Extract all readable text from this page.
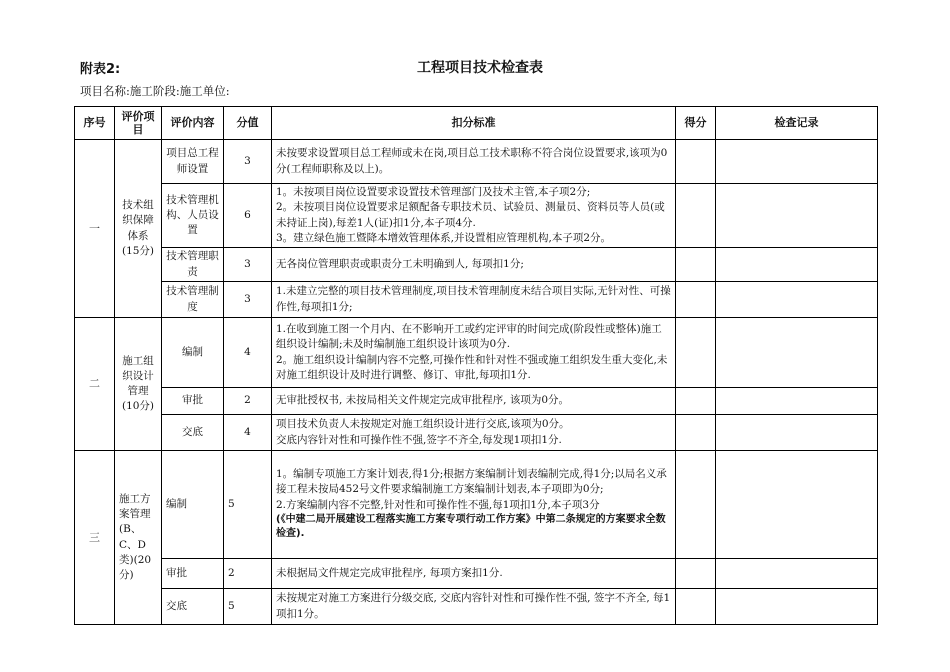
附表2:	工程项目技术检查表
项目名称:施工阶段:施工单位:
序号	评价项目	评价内容	分值	扣分标准	得分	检查记录
一	技术组织保障体系(15分)	项目总工程师设置	3	未按要求设置项目总工程师或未在岗,项目总工技术职称不符合岗位设置要求,该项为0分(工程师职称及以上)。		

		技术管理机构、人员设置	6	1。未按项目岗位设置要求设置技术管理部门及技术主管,本子项2分;
2。未按项目岗位设置要求足额配备专职技术员、试验员、测量员、资料员等人员(或未持证上岗),每差1人(证)扣1分,本子项4分.
3。建立绿色施工暨降本增效管理体系,并设置相应管理机构,本子项2分。		

		技术管理职责	3	无各岗位管理职责或职责分工未明确到人, 每项扣1分;		

		技术管理制度	3	1.未建立完整的项目技术管理制度,项目技术管理制度未结合项目实际,无针对性、可操作性,每项扣1分;		

二	施工组织设计管理(10分)	编制	4	1.在收到施工图一个月内、在不影响开工或约定评审的时间完成(阶段性或整体)施工组织设计编制;未及时编制施工组织设计该项为0分.
2。施工组织设计编制内容不完整,可操作性和针对性不强或施工组织发生重大变化,未对施工组织设计及时进行调整、修订、审批,每项扣1分.		

		审批	2	无审批授权书, 未按局相关文件规定完成审批程序, 该项为0分。		

		交底	4	项目技术负责人未按规定对施工组织设计进行交底,该项为0分。
交底内容针对性和可操作性不强,签字不齐全,每发现1项扣1分.		

三	施工方案管理(B、C、D类)(20分)	编制	5	1。编制专项施工方案计划表,得1分;根据方案编制计划表编制完成,得1分;以局名义承接工程未按局452号文件要求编制施工方案编制计划表,本子项即为0分;
2.方案编制内容不完整,针对性和可操作性不强,每1项扣1分,本子项3分
(《中建二局开展建设工程落实施工方案专项行动工作方案》中第二条规定的方案要求全数检查).		

		审批	2	未根据局文件规定完成审批程序, 每项方案扣1分.		

		交底	5	未按规定对施工方案进行分级交底, 交底内容针对性和可操作性不强, 签字不齐全, 每1项扣1分。		
